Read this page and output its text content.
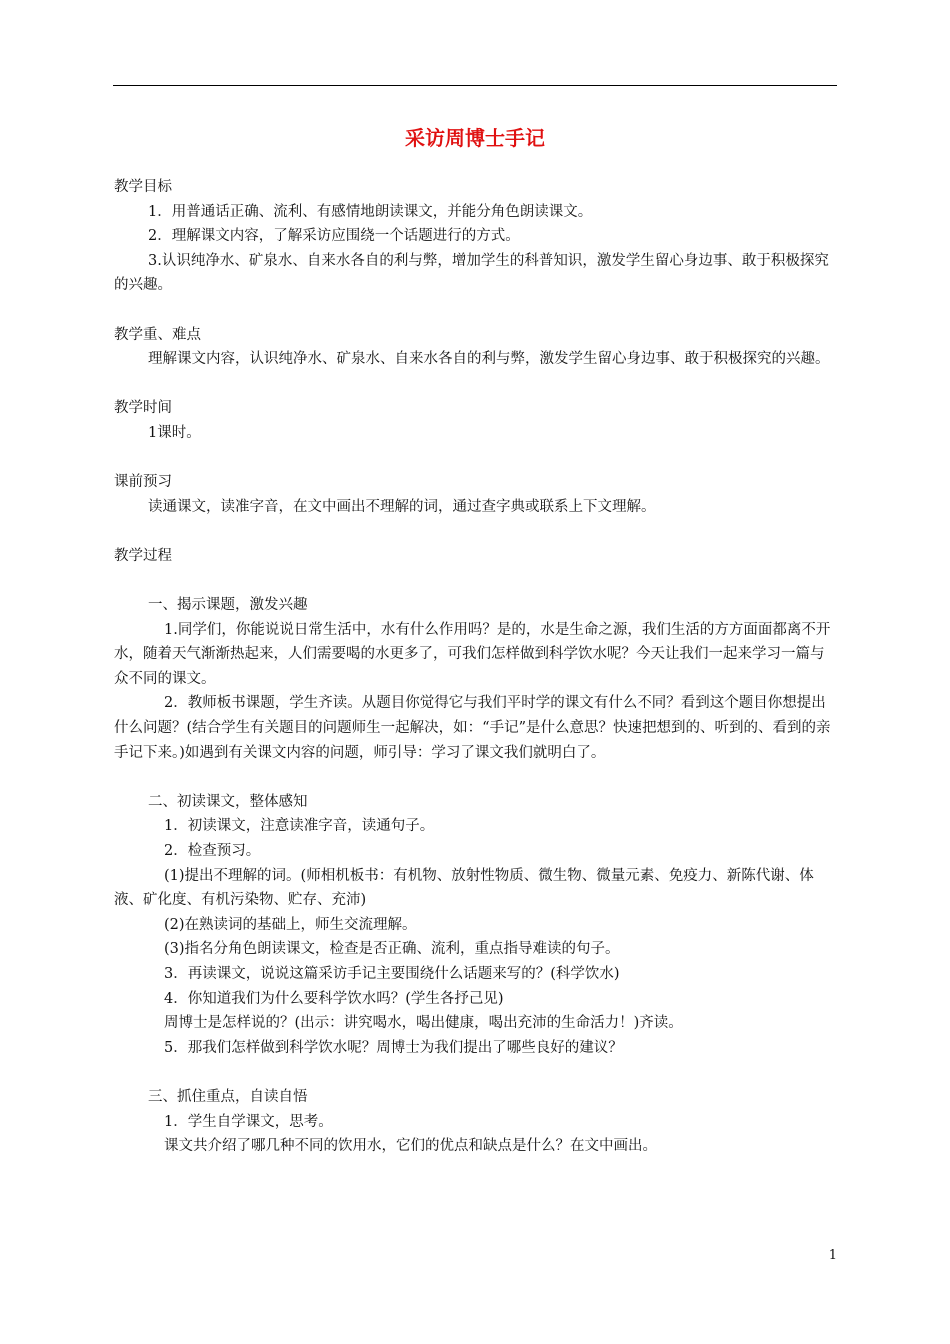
采访周博士手记

教学目标

1．用普通话正确、流利、有感情地朗读课文，并能分角色朗读课文。

2．理解课文内容，了解采访应围绕一个话题进行的方式。

3.认识纯净水、矿泉水、自来水各自的利与弊，增加学生的科普知识，激发学生留心身边事、敢于积极探究的兴趣。

教学重、难点

理解课文内容，认识纯净水、矿泉水、自来水各自的利与弊，激发学生留心身边事、敢于积极探究的兴趣。

教学时间

1课时。

课前预习

读通课文，读准字音，在文中画出不理解的词，通过查字典或联系上下文理解。

教学过程

一、揭示课题，激发兴趣

1.同学们，你能说说日常生活中，水有什么作用吗？是的，水是生命之源，我们生活的方方面面都离不开水，随着天气渐渐热起来，人们需要喝的水更多了，可我们怎样做到科学饮水呢？今天让我们一起来学习一篇与众不同的课文。

2．教师板书课题，学生齐读。从题目你觉得它与我们平时学的课文有什么不同？看到这个题目你想提出什么问题？(结合学生有关题目的问题师生一起解决，如：“手记”是什么意思？快速把想到的、听到的、看到的亲手记下来。)如遇到有关课文内容的问题，师引导：学习了课文我们就明白了。

二、初读课文，整体感知

1．初读课文，注意读准字音，读通句子。

2．检查预习。

(1)提出不理解的词。(师相机板书：有机物、放射性物质、微生物、微量元素、免疫力、新陈代谢、体液、矿化度、有机污染物、贮存、充沛)

(2)在熟读词的基础上，师生交流理解。

(3)指名分角色朗读课文，检查是否正确、流利，重点指导难读的句子。

3．再读课文，说说这篇采访手记主要围绕什么话题来写的？(科学饮水)

4．你知道我们为什么要科学饮水吗？(学生各抒己见)

周博士是怎样说的？(出示：讲究喝水，喝出健康，喝出充沛的生命活力！)齐读。

5．那我们怎样做到科学饮水呢？周博士为我们提出了哪些良好的建议？

三、抓住重点，自读自悟

1．学生自学课文，思考。

课文共介绍了哪几种不同的饮用水，它们的优点和缺点是什么？在文中画出。

1
